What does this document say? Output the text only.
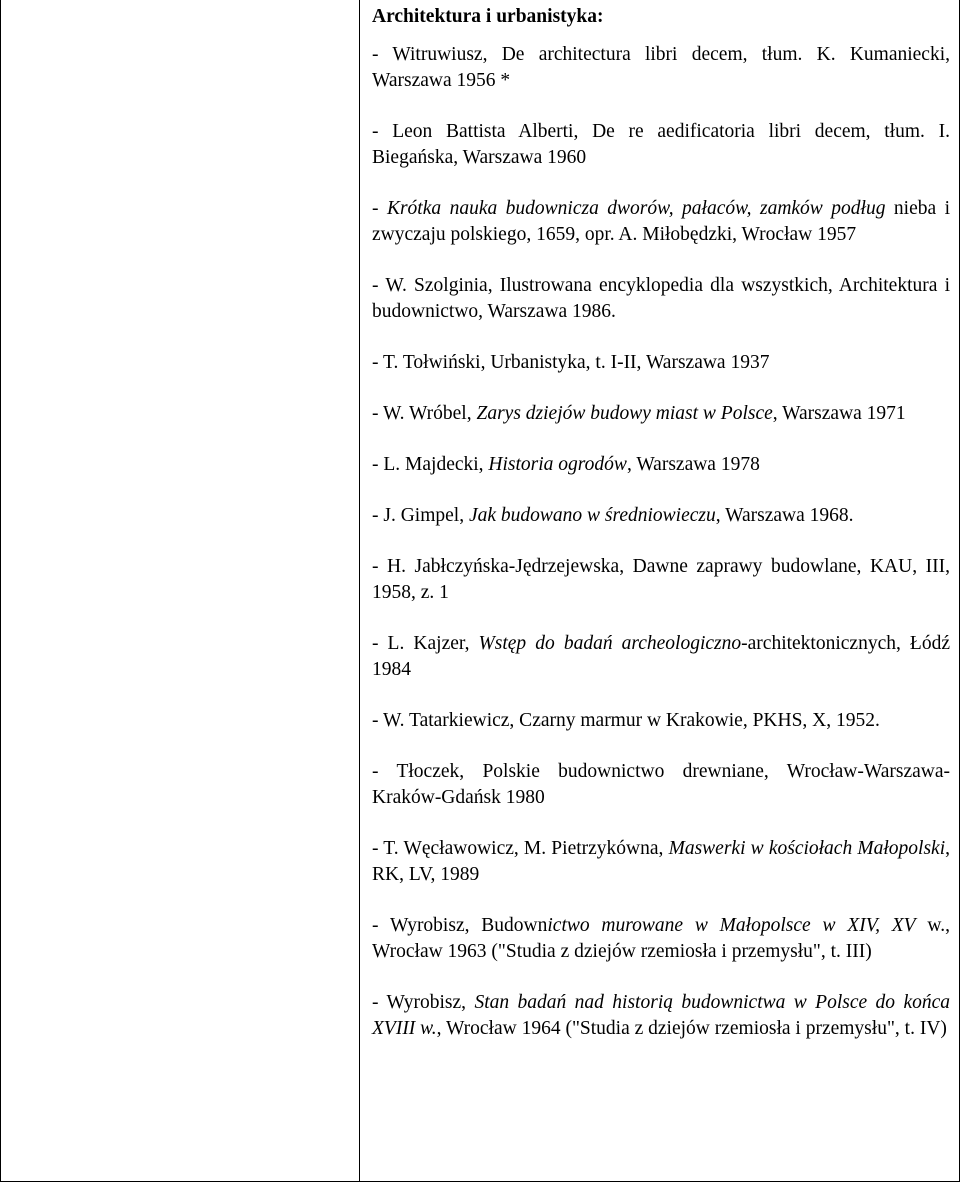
Architektura i urbanistyka:

- Witruwiusz, De architectura libri decem, tłum. K. Kumaniecki, Warszawa 1956 *

- Leon Battista Alberti, De re aedificatoria libri decem, tłum. I. Biegańska, Warszawa 1960

- Krótka nauka budownicza dworów, pałaców, zamków podług nieba i zwyczaju polskiego, 1659, opr. A. Miłobędzki, Wrocław 1957

- W. Szolginia, Ilustrowana encyklopedia dla wszystkich, Architektura i budownictwo, Warszawa 1986.

- T. Tołwiński, Urbanistyka, t. I-II, Warszawa 1937

- W. Wróbel, Zarys dziejów budowy miast w Polsce, Warszawa 1971

- L. Majdecki, Historia ogrodów, Warszawa 1978

- J. Gimpel, Jak budowano w średniowieczu, Warszawa 1968.

- H. Jabłczyńska-Jędrzejewska, Dawne zaprawy budowlane, KAU, III, 1958, z. 1

- L. Kajzer, Wstęp do badań archeologiczno-architektonicznych, Łódź 1984

- W. Tatarkiewicz, Czarny marmur w Krakowie, PKHS, X, 1952.

- Tłoczek, Polskie budownictwo drewniane, Wrocław-Warszawa-Kraków-Gdańsk 1980

- T. Węcławowicz, M. Pietrzykówna, Maswerki w kościołach Małopolski, RK, LV, 1989

- Wyrobisz, Budownictwo murowane w Małopolsce w XIV, XV w., Wrocław 1963 ("Studia z dziejów rzemiosła i przemysłu", t. III)

- Wyrobisz, Stan badań nad historią budownictwa w Polsce do końca XVIII w., Wrocław 1964 ("Studia z dziejów rzemiosła i przemysłu", t. IV)
